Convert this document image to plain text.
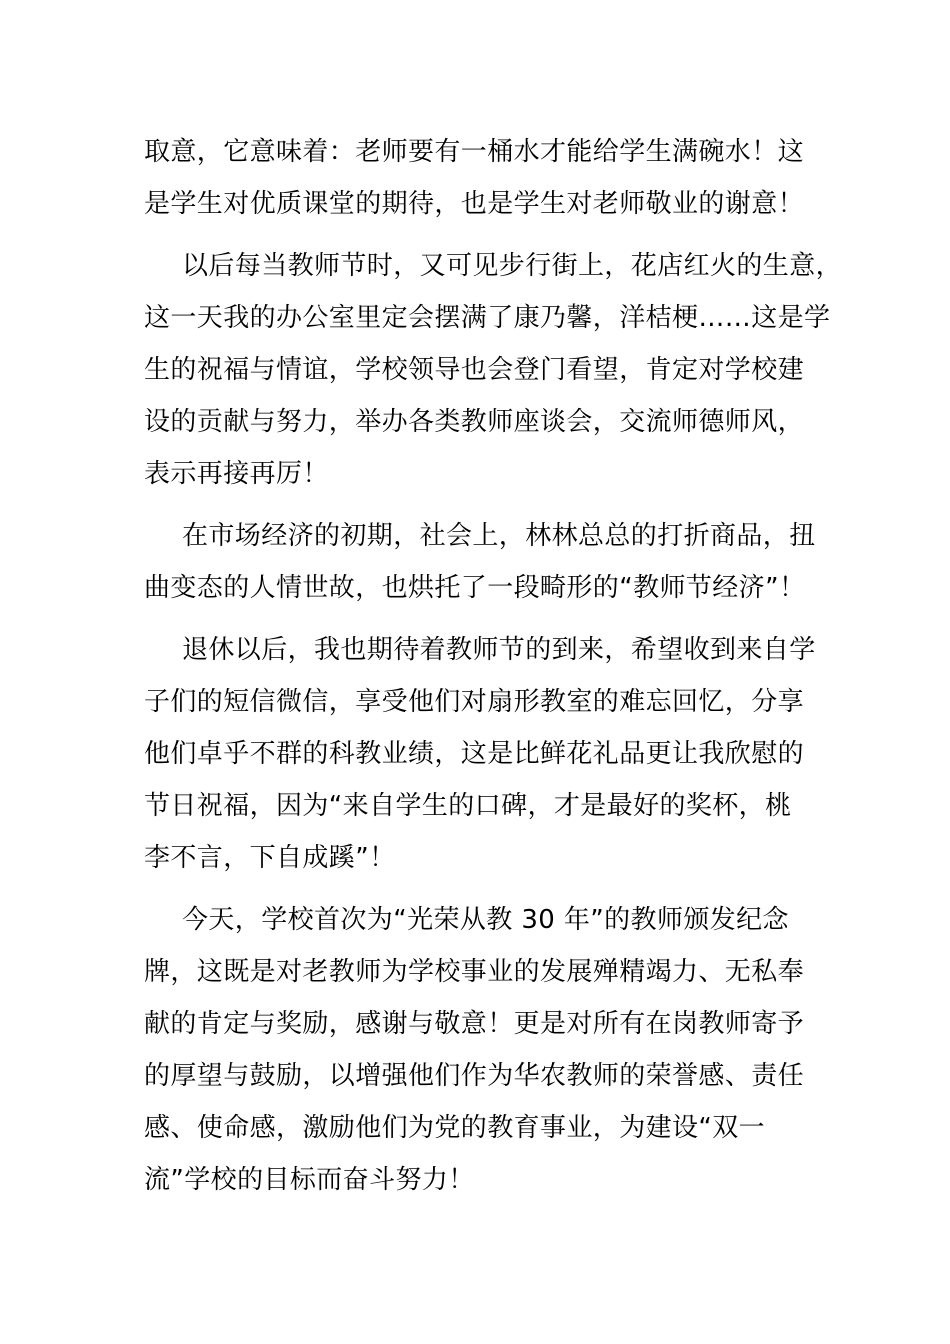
取意，它意味着：老师要有一桶水才能给学生满碗水！这
是学生对优质课堂的期待，也是学生对老师敬业的谢意！

以后每当教师节时，又可见步行街上，花店红火的生意，
这一天我的办公室里定会摆满了康乃馨，洋桔梗……这是学
生的祝福与情谊，学校领导也会登门看望，肯定对学校建
设的贡献与努力，举办各类教师座谈会，交流师德师风，
表示再接再厉！

在市场经济的初期，社会上，林林总总的打折商品，扭
曲变态的人情世故，也烘托了一段畸形的“教师节经济”！

退休以后，我也期待着教师节的到来，希望收到来自学
子们的短信微信，享受他们对扇形教室的难忘回忆，分享
他们卓乎不群的科教业绩，这是比鲜花礼品更让我欣慰的
节日祝福，因为“来自学生的口碑，才是最好的奖杯，桃
李不言，下自成蹊”！

今天，学校首次为“光荣从教 30 年”的教师颁发纪念
牌，这既是对老教师为学校事业的发展殚精竭力、无私奉
献的肯定与奖励，感谢与敬意！更是对所有在岗教师寄予
的厚望与鼓励，以增强他们作为华农教师的荣誉感、责任
感、使命感，激励他们为党的教育事业，为建设“双一
流”学校的目标而奋斗努力！
